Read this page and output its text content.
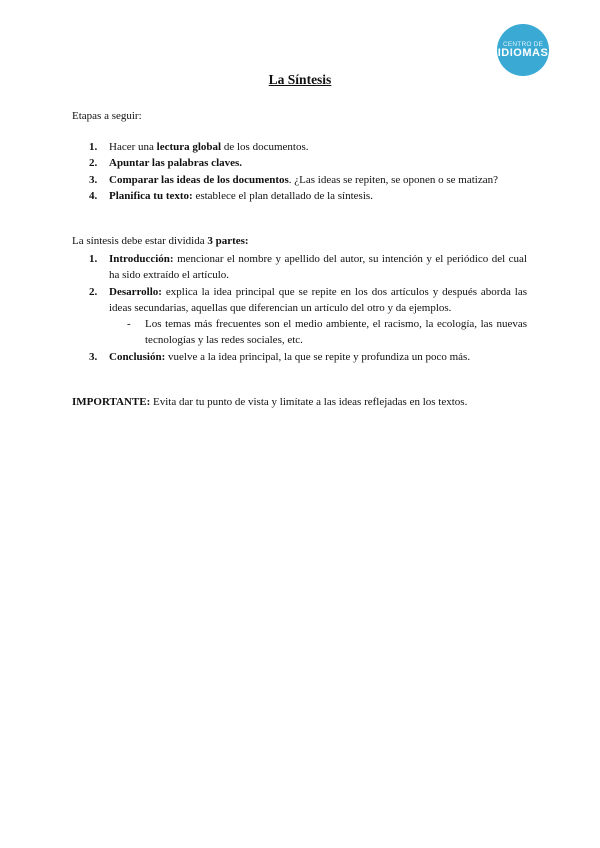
CENTRO DE
IDIOMAS
La Síntesis
Etapas a seguir:
1. Hacer una lectura global de los documentos.
2. Apuntar las palabras claves.
3. Comparar las ideas de los documentos. ¿Las ideas se repiten, se oponen o se matizan?
4. Planifica tu texto: establece el plan detallado de la síntesis.
La síntesis debe estar dividida 3 partes:
1. Introducción: mencionar el nombre y apellido del autor, su intención y el periódico del cual ha sido extraído el artículo.
2. Desarrollo: explica la idea principal que se repite en los dos artículos y después aborda las ideas secundarias, aquellas que diferencian un artículo del otro y da ejemplos.
- Los temas más frecuentes son el medio ambiente, el racismo, la ecología, las nuevas tecnologías y las redes sociales, etc.
3. Conclusión: vuelve a la idea principal, la que se repite y profundiza un poco más.
IMPORTANTE: Evita dar tu punto de vista y limítate a las ideas reflejadas en los textos.
